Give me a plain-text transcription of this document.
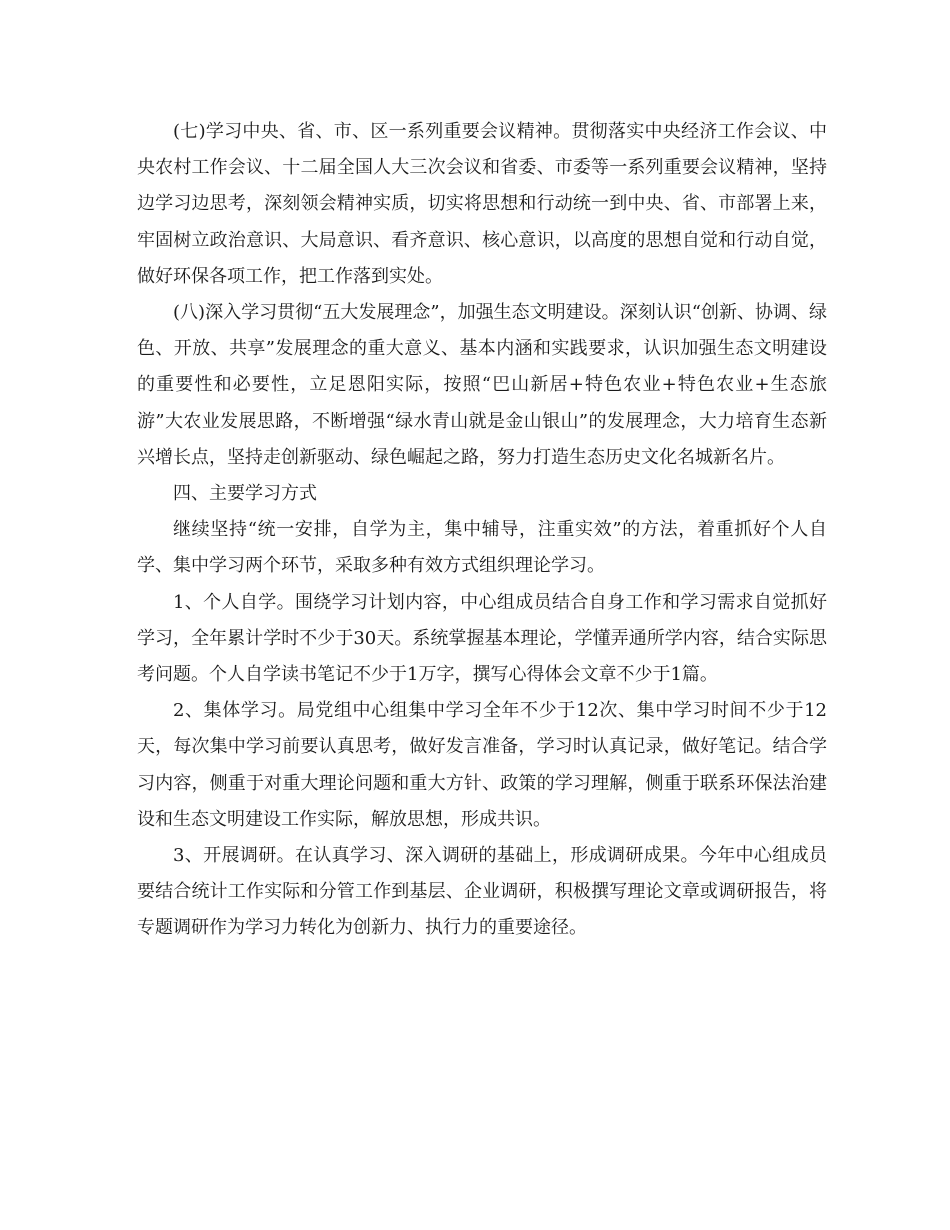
(七)学习中央、省、市、区一系列重要会议精神。贯彻落实中央经济工作会议、中央农村工作会议、十二届全国人大三次会议和省委、市委等一系列重要会议精神，坚持边学习边思考，深刻领会精神实质，切实将思想和行动统一到中央、省、市部署上来，牢固树立政治意识、大局意识、看齐意识、核心意识，以高度的思想自觉和行动自觉，做好环保各项工作，把工作落到实处。

(八)深入学习贯彻“五大发展理念”，加强生态文明建设。深刻认识“创新、协调、绿色、开放、共享”发展理念的重大意义、基本内涵和实践要求，认识加强生态文明建设的重要性和必要性，立足恩阳实际，按照“巴山新居+特色农业+特色农业+生态旅游”大农业发展思路，不断增强“绿水青山就是金山银山”的发展理念，大力培育生态新兴增长点，坚持走创新驱动、绿色崛起之路，努力打造生态历史文化名城新名片。

四、主要学习方式

继续坚持“统一安排，自学为主，集中辅导，注重实效”的方法，着重抓好个人自学、集中学习两个环节，采取多种有效方式组织理论学习。

1、个人自学。围绕学习计划内容，中心组成员结合自身工作和学习需求自觉抓好学习，全年累计学时不少于30天。系统掌握基本理论，学懂弄通所学内容，结合实际思考问题。个人自学读书笔记不少于1万字，撰写心得体会文章不少于1篇。

2、集体学习。局党组中心组集中学习全年不少于12次、集中学习时间不少于12天，每次集中学习前要认真思考，做好发言准备，学习时认真记录，做好笔记。结合学习内容，侧重于对重大理论问题和重大方针、政策的学习理解，侧重于联系环保法治建设和生态文明建设工作实际，解放思想，形成共识。

3、开展调研。在认真学习、深入调研的基础上，形成调研成果。今年中心组成员要结合统计工作实际和分管工作到基层、企业调研，积极撰写理论文章或调研报告，将专题调研作为学习力转化为创新力、执行力的重要途径。
